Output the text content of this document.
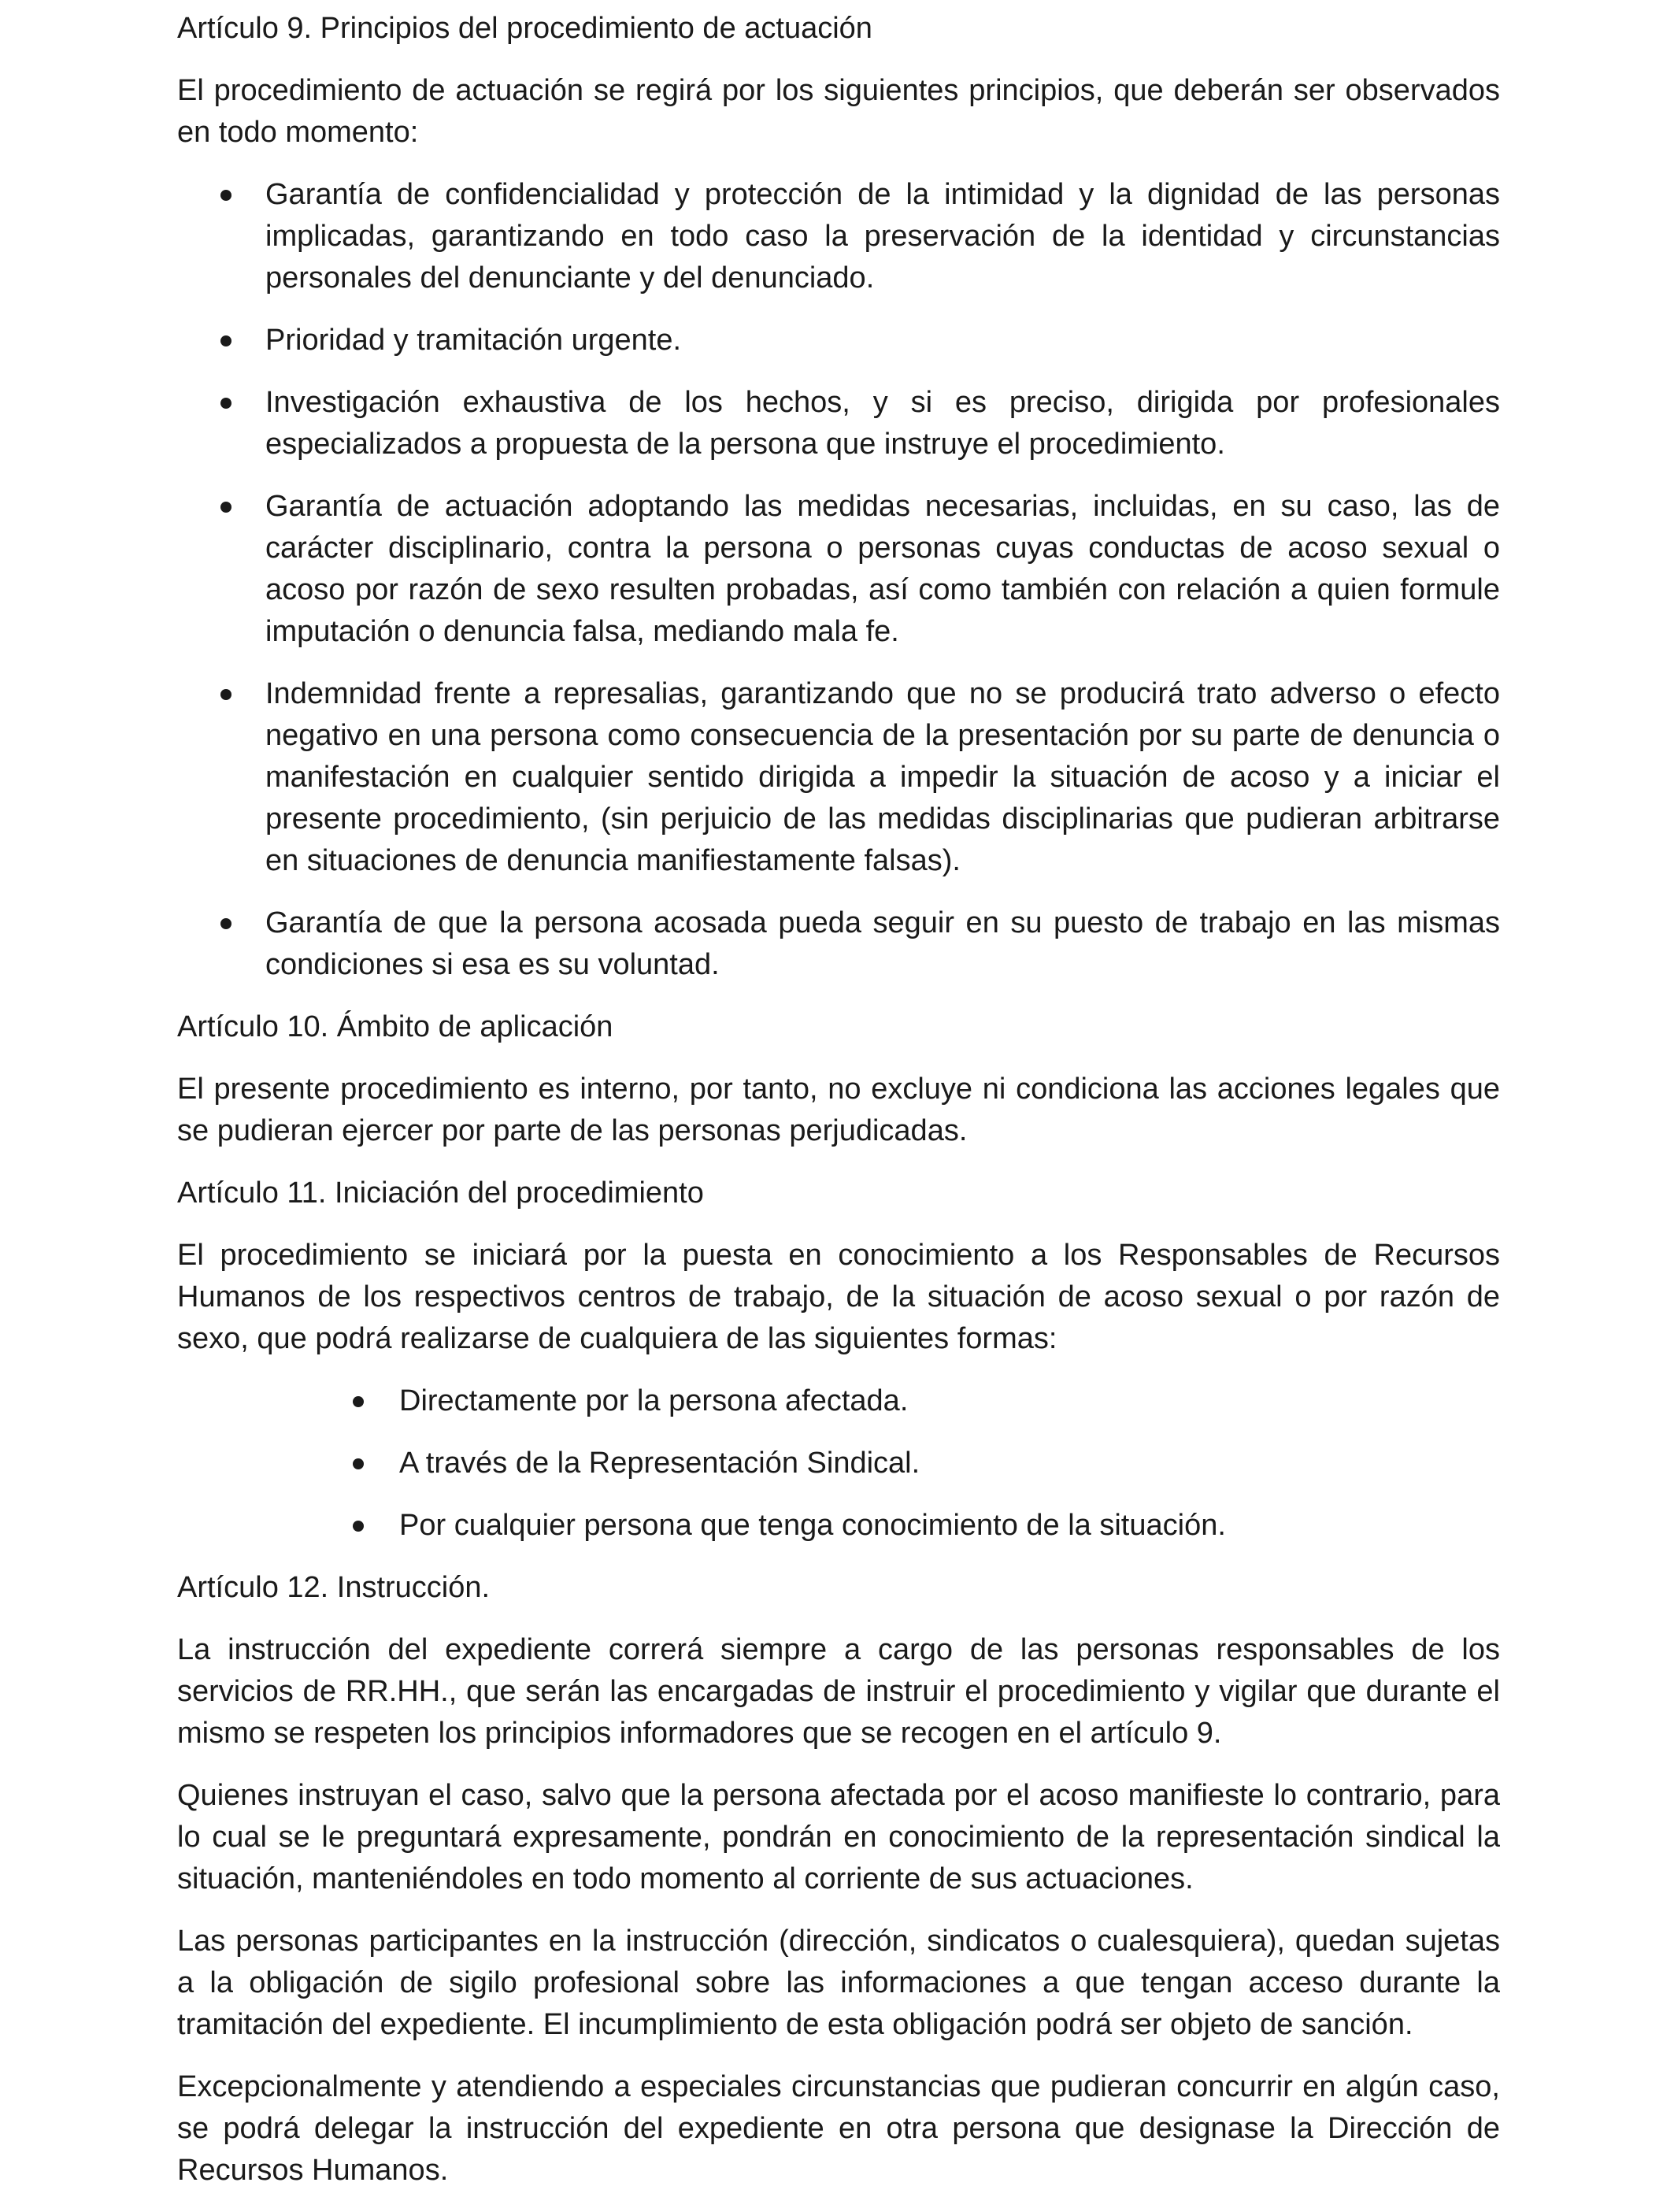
Artículo 9. Principios del procedimiento de actuación

El procedimiento de actuación se regirá por los siguientes principios, que deberán ser observados en todo momento:

Garantía de confidencialidad y protección de la intimidad y la dignidad de las personas implicadas, garantizando en todo caso la preservación de la identidad y circunstancias personales del denunciante y del denunciado.
Prioridad y tramitación urgente.
Investigación exhaustiva de los hechos, y si es preciso, dirigida por profesionales especializados a propuesta de la persona que instruye el procedimiento.
Garantía de actuación adoptando las medidas necesarias, incluidas, en su caso, las de carácter disciplinario, contra la persona o personas cuyas conductas de acoso sexual o acoso por razón de sexo resulten probadas, así como también con relación a quien formule imputación o denuncia falsa, mediando mala fe.
Indemnidad frente a represalias, garantizando que no se producirá trato adverso o efecto negativo en una persona como consecuencia de la presentación por su parte de denuncia o manifestación en cualquier sentido dirigida a impedir la situación de acoso y a iniciar el presente procedimiento, (sin perjuicio de las medidas disciplinarias que pudieran arbitrarse en situaciones de denuncia manifiestamente falsas).
Garantía de que la persona acosada pueda seguir en su puesto de trabajo en las mismas condiciones si esa es su voluntad.

Artículo 10. Ámbito de aplicación

El presente procedimiento es interno, por tanto, no excluye ni condiciona las acciones legales que se pudieran ejercer por parte de las personas perjudicadas.

Artículo 11. Iniciación del procedimiento

El procedimiento se iniciará por la puesta en conocimiento a los Responsables de Recursos Humanos de los respectivos centros de trabajo, de la situación de acoso sexual o por razón de sexo, que podrá realizarse de cualquiera de las siguientes formas:

Directamente por la persona afectada.
A través de la Representación Sindical.
Por cualquier persona que tenga conocimiento de la situación.

Artículo 12. Instrucción.

La instrucción del expediente correrá siempre a cargo de las personas responsables de los servicios de RR.HH., que serán las encargadas de instruir el procedimiento y vigilar que durante el mismo se respeten los principios informadores que se recogen en el artículo 9.

Quienes instruyan el caso, salvo que la persona afectada por el acoso manifieste lo contrario, para lo cual se le preguntará expresamente, pondrán en conocimiento de la representación sindical la situación, manteniéndoles en todo momento al corriente de sus actuaciones.

Las personas participantes en la instrucción (dirección, sindicatos o cualesquiera), quedan sujetas a la obligación de sigilo profesional sobre las informaciones a que tengan acceso durante la tramitación del expediente. El incumplimiento de esta obligación podrá ser objeto de sanción.

Excepcionalmente y atendiendo a especiales circunstancias que pudieran concurrir en algún caso, se podrá delegar la instrucción del expediente en otra persona que designase la Dirección de Recursos Humanos.
